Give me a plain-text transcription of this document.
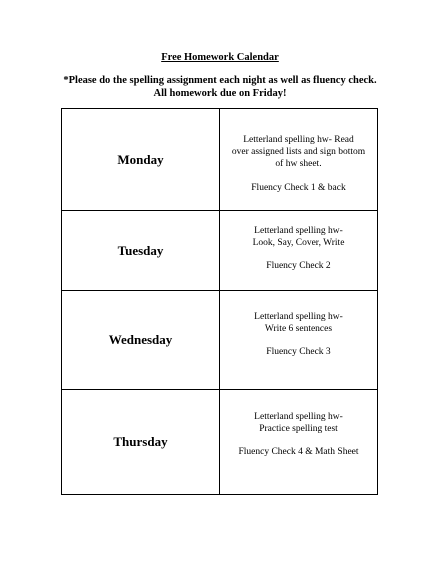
Free Homework Calendar
*Please do the spelling assignment each night as well as fluency check.
All homework due on Friday!
Monday	Letterland spelling hw- Read
over assigned lists and sign bottom
of hw sheet.
Fluency Check 1 & back

Tuesday	Letterland spelling hw-
Look, Say, Cover, Write
Fluency Check 2

Wednesday	Letterland spelling hw-
Write 6 sentences
Fluency Check 3

Thursday	Letterland spelling hw-
Practice spelling test
Fluency Check 4 & Math Sheet
